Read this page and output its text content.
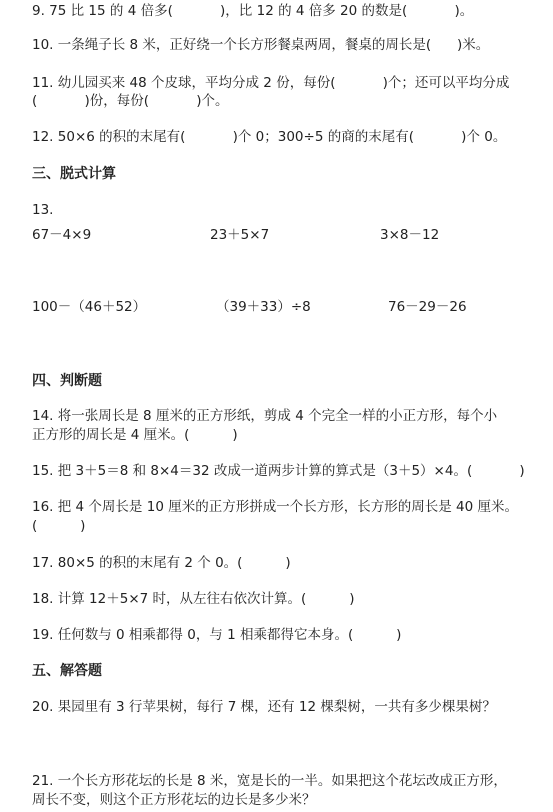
9. 75 比 15 的 4 倍多(           )，比 12 的 4 倍多 20 的数是(           )。
10. 一条绳子长 8 米，正好绕一个长方形餐桌两周，餐桌的周长是(      )米。
11. 幼儿园买来 48 个皮球，平均分成 2 份，每份(           )个；还可以平均分成
(           )份，每份(           )个。
12. 50×6 的积的末尾有(           )个 0；300÷5 的商的末尾有(           )个 0。
三、脱式计算
13.
67－4×9	23＋5×7	3×8－12
100－（46＋52）	（39＋33）÷8	76－29－26
四、判断题
14. 将一张周长是 8 厘米的正方形纸，剪成 4 个完全一样的小正方形，每个小
正方形的周长是 4 厘米。(          )
15. 把 3＋5＝8 和 8×4＝32 改成一道两步计算的算式是（3＋5）×4。(           )
16. 把 4 个周长是 10 厘米的正方形拼成一个长方形，长方形的周长是 40 厘米。
(          )
17. 80×5 的积的末尾有 2 个 0。(          )
18. 计算 12＋5×7 时，从左往右依次计算。(          )
19. 任何数与 0 相乘都得 0，与 1 相乘都得它本身。(          )
五、解答题
20. 果园里有 3 行苹果树，每行 7 棵，还有 12 棵梨树，一共有多少棵果树？
21. 一个长方形花坛的长是 8 米，宽是长的一半。如果把这个花坛改成正方形，
周长不变，则这个正方形花坛的边长是多少米？
